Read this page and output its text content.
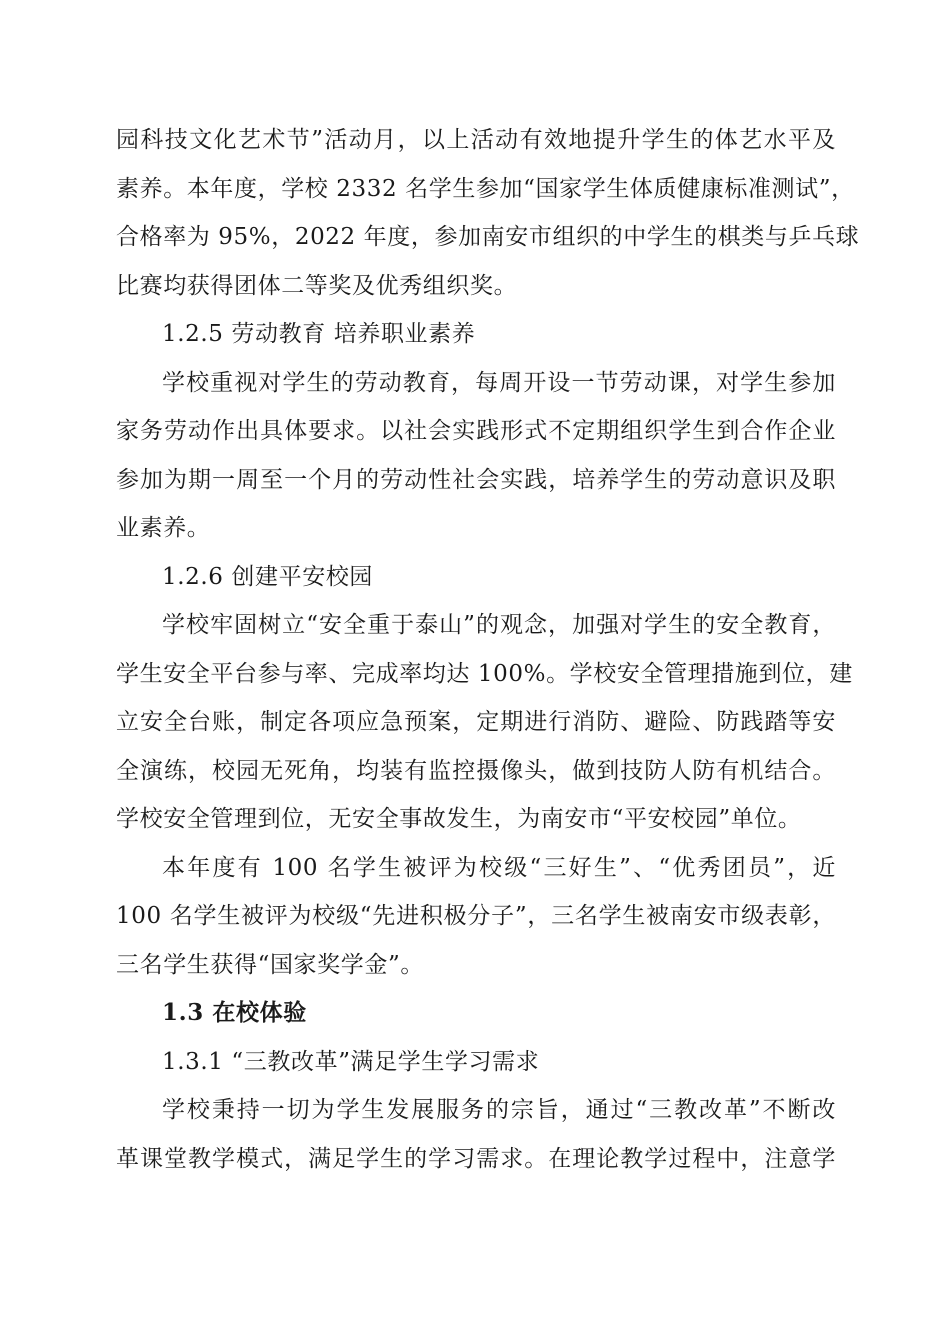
园科技文化艺术节”活动月，以上活动有效地提升学生的体艺水平及
素养。本年度，学校 2332 名学生参加“国家学生体质健康标准测试”，
合格率为 95%，2022 年度，参加南安市组织的中学生的棋类与乒乓球
比赛均获得团体二等奖及优秀组织奖。
1.2.5 劳动教育 培养职业素养
学校重视对学生的劳动教育，每周开设一节劳动课，对学生参加
家务劳动作出具体要求。以社会实践形式不定期组织学生到合作企业
参加为期一周至一个月的劳动性社会实践，培养学生的劳动意识及职
业素养。
1.2.6 创建平安校园
学校牢固树立“安全重于泰山”的观念，加强对学生的安全教育，
学生安全平台参与率、完成率均达 100%。学校安全管理措施到位，建
立安全台账，制定各项应急预案，定期进行消防、避险、防践踏等安
全演练，校园无死角，均装有监控摄像头，做到技防人防有机结合。
学校安全管理到位，无安全事故发生，为南安市“平安校园”单位。
本年度有 100 名学生被评为校级“三好生”、“优秀团员”，近
100 名学生被评为校级“先进积极分子”，三名学生被南安市级表彰，
三名学生获得“国家奖学金”。
1.3 在校体验
1.3.1 “三教改革”满足学生学习需求
学校秉持一切为学生发展服务的宗旨，通过“三教改革”不断改
革课堂教学模式，满足学生的学习需求。在理论教学过程中，注意学
